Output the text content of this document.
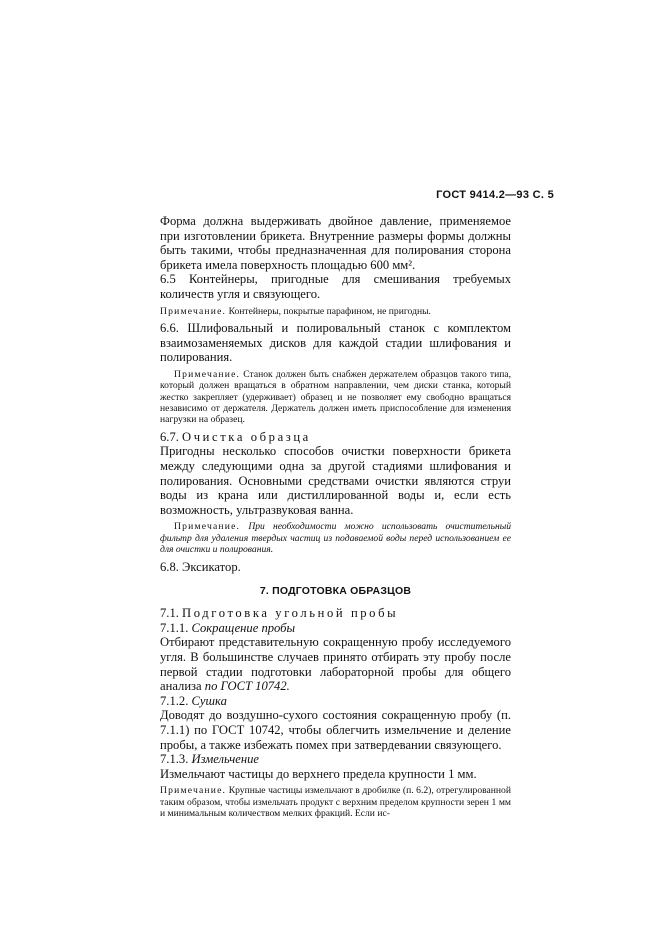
ГОСТ 9414.2—93 С. 5

Форма должна выдерживать двойное давление, применяемое при изготовлении брикета. Внутренние размеры формы должны быть такими, чтобы предназначенная для полирования сторона брикета имела поверхность площадью 600 мм².

6.5 Контейнеры, пригодные для смешивания требуемых количеств угля и связующего.

Примечание. Контейнеры, покрытые парафином, не пригодны.

6.6. Шлифовальный и полировальный станок с комплектом взаимозаменяемых дисков для каждой стадии шлифования и полирования.

Примечание. Станок должен быть снабжен держателем образцов такого типа, который должен вращаться в обратном направлении, чем диски станка, который жестко закрепляет (удерживает) образец и не позволяет ему свободно вращаться независимо от держателя. Держатель должен иметь приспособление для изменения нагрузки на образец.

6.7. Очистка образца

Пригодны несколько способов очистки поверхности брикета между следующими одна за другой стадиями шлифования и полирования. Основными средствами очистки являются струи воды из крана или дистиллированной воды и, если есть возможность, ультразвуковая ванна.

Примечание. При необходимости можно использовать очистительный фильтр для удаления твердых частиц из подаваемой воды перед использованием ее для очистки и полирования.

6.8. Эксикатор.

7. ПОДГОТОВКА ОБРАЗЦОВ

7.1. Подготовка угольной пробы

7.1.1. Сокращение пробы

Отбирают представительную сокращенную пробу исследуемого угля. В большинстве случаев принято отбирать эту пробу после первой стадии подготовки лабораторной пробы для общего анализа по ГОСТ 10742.

7.1.2. Сушка

Доводят до воздушно-сухого состояния сокращенную пробу (п. 7.1.1) по ГОСТ 10742, чтобы облегчить измельчение и деление пробы, а также избежать помех при затвердевании связующего.

7.1.3. Измельчение

Измельчают частицы до верхнего предела крупности 1 мм.

Примечание. Крупные частицы измельчают в дробилке (п. 6.2), отрегулированной таким образом, чтобы измельчать продукт с верхним пределом крупности зерен 1 мм и минимальным количеством мелких фракций. Если ис-
